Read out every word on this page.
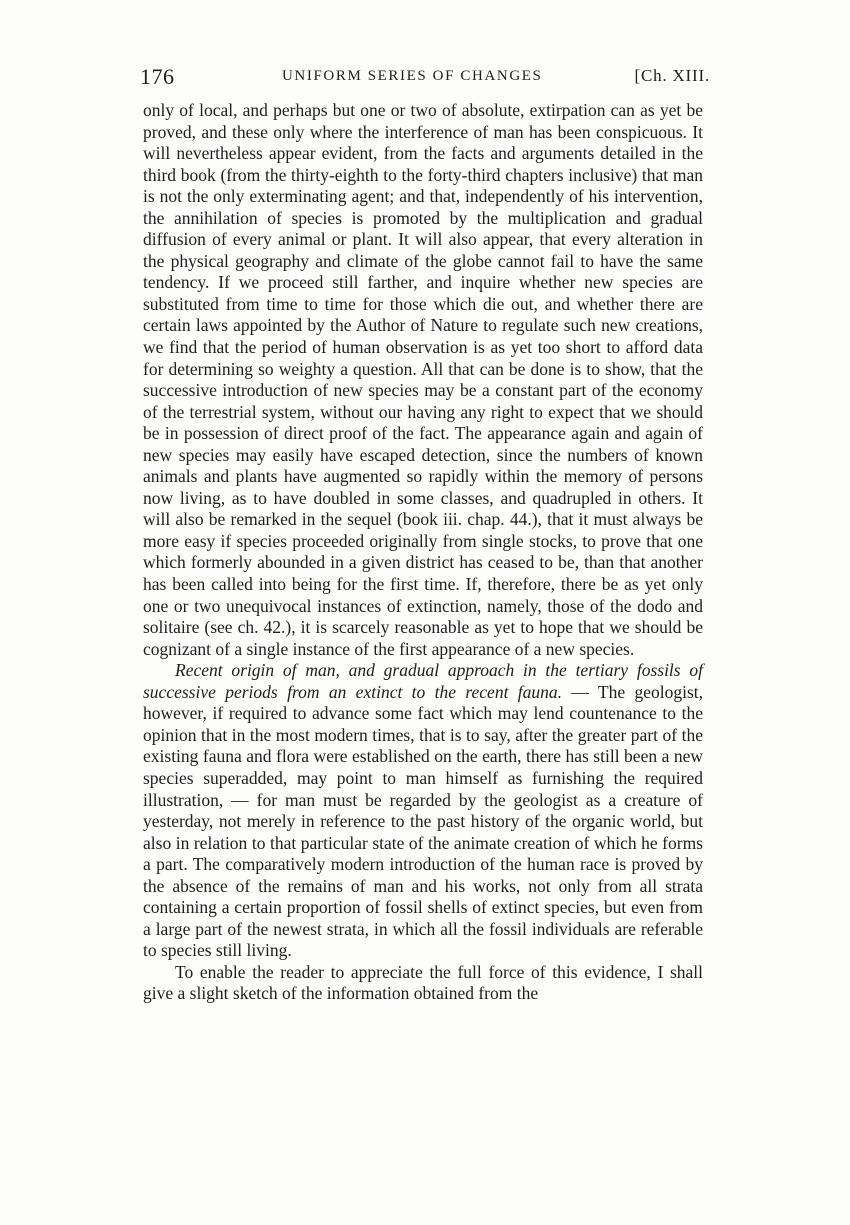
176	UNIFORM SERIES OF CHANGES	[Ch. XIII.

only of local, and perhaps but one or two of absolute, extirpation can as yet be proved, and these only where the interference of man has been conspicuous. It will nevertheless appear evident, from the facts and arguments detailed in the third book (from the thirty-eighth to the forty-third chapters inclusive) that man is not the only exterminating agent; and that, independently of his intervention, the annihilation of species is promoted by the multiplication and gradual diffusion of every animal or plant. It will also appear, that every alteration in the physical geography and climate of the globe cannot fail to have the same tendency. If we proceed still farther, and inquire whether new species are substituted from time to time for those which die out, and whether there are certain laws appointed by the Author of Nature to regulate such new creations, we find that the period of human observation is as yet too short to afford data for determining so weighty a question. All that can be done is to show, that the successive introduction of new species may be a constant part of the economy of the terrestrial system, without our having any right to expect that we should be in possession of direct proof of the fact. The appearance again and again of new species may easily have escaped detection, since the numbers of known animals and plants have augmented so rapidly within the memory of persons now living, as to have doubled in some classes, and quadrupled in others. It will also be remarked in the sequel (book iii. chap. 44.), that it must always be more easy if species proceeded originally from single stocks, to prove that one which formerly abounded in a given district has ceased to be, than that another has been called into being for the first time. If, therefore, there be as yet only one or two unequivocal instances of extinction, namely, those of the dodo and solitaire (see ch. 42.), it is scarcely reasonable as yet to hope that we should be cognizant of a single instance of the first appearance of a new species.

Recent origin of man, and gradual approach in the tertiary fossils of successive periods from an extinct to the recent fauna. — The geologist, however, if required to advance some fact which may lend countenance to the opinion that in the most modern times, that is to say, after the greater part of the existing fauna and flora were established on the earth, there has still been a new species superadded, may point to man himself as furnishing the required illustration, — for man must be regarded by the geologist as a creature of yesterday, not merely in reference to the past history of the organic world, but also in relation to that particular state of the animate creation of which he forms a part. The comparatively modern introduction of the human race is proved by the absence of the remains of man and his works, not only from all strata containing a certain proportion of fossil shells of extinct species, but even from a large part of the newest strata, in which all the fossil individuals are referable to species still living.

To enable the reader to appreciate the full force of this evidence, I shall give a slight sketch of the information obtained from the
